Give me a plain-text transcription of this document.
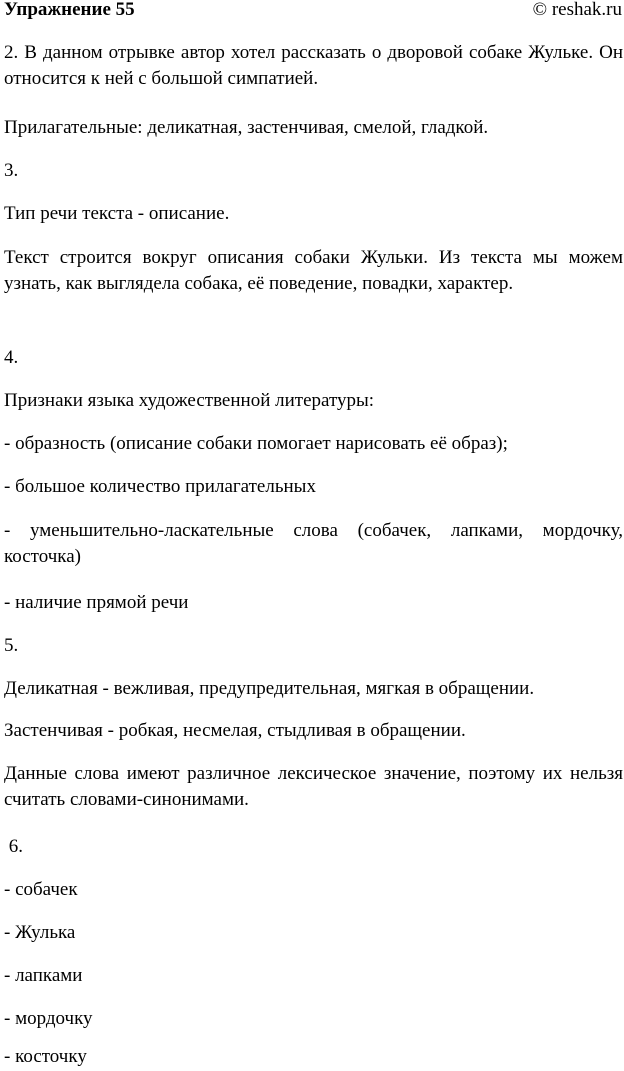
Упражнение 55	© reshak.ru

2. В данном отрывке автор хотел рассказать о дворовой собаке Жульке. Он относится к ней с большой симпатией.

Прилагательные: деликатная, застенчивая, смелой, гладкой.

3.

Тип речи текста - описание.

Текст строится вокруг описания собаки Жульки. Из текста мы можем узнать, как выглядела собака, её поведение, повадки, характер.

4.

Признаки языка художественной литературы:

- образность (описание собаки помогает нарисовать её образ);

- большое количество прилагательных

- уменьшительно-ласкательные слова (собачек, лапками, мордочку, косточка)

- наличие прямой речи

5.

Деликатная - вежливая, предупредительная, мягкая в обращении.

Застенчивая - робкая, несмелая, стыдливая в обращении.

Данные слова имеют различное лексическое значение, поэтому их нельзя считать словами-синонимами.

6.

- собачек

- Жулька

- лапками

- мордочку

- косточку
